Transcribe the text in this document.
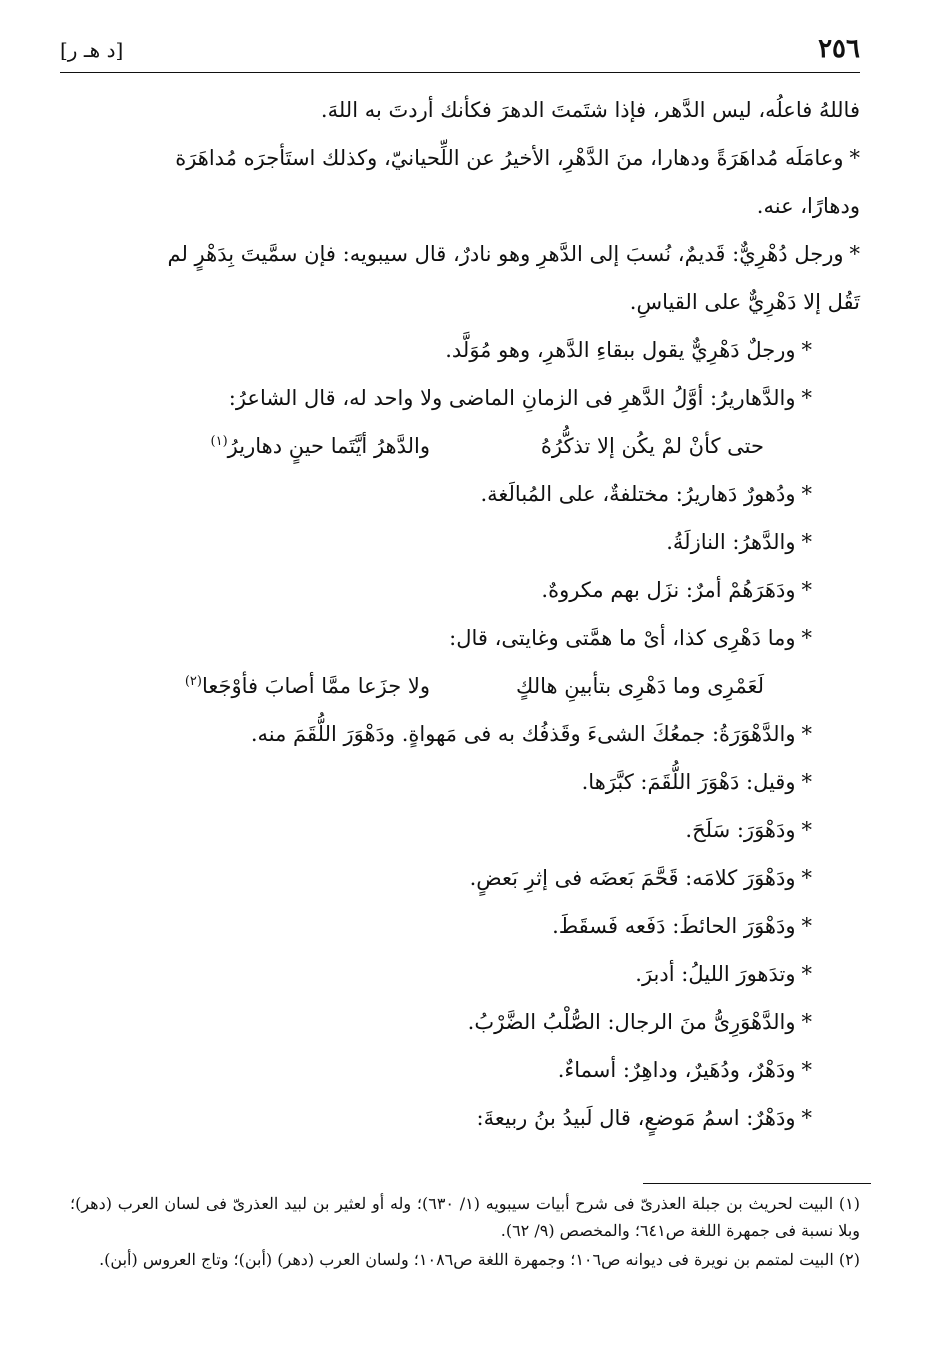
٢٥٦
[د هـ ر]

فاللهُ فاعلُه، ليس الدَّهر، فإذا شتَمتَ الدهرَ فكأنك أردتَ به اللهَ.

*وعامَلَه مُداهَرَةً ودهارا، منَ الدَّهْرِ، الأخيرُ عن اللِّحيانيّ، وكذلك استَأجرَه مُداهَرَة

ودهارًا، عنه.

*ورجل دُهْرِيٌّ: قَديمٌ، نُسبَ إلى الدَّهرِ وهو نادرٌ، قال سيبويه: فإن سمَّيتَ بِدَهْرٍ لم

تَقُل إلا دَهْرِيٌّ على القياسِ.

*ورجلٌ دَهْرِيٌّ يقول ببقاءِ الدَّهرِ، وهو مُوَلَّد.

*والدَّهاريرُ: أوَّلُ الدَّهرِ فى الزمانِ الماضى ولا واحد له، قال الشاعرُ:

حتى كأنْ لمْ يكُن إلا تذكُّرُهُ
والدَّهرُ أيَّتَما حينٍ دهاريرُ$^{(١)}$

*ودُهورٌ دَهاريرُ: مختلفةٌ، على المُبالَغة.

*والدَّهرُ: النازلَةُ.

*ودَهَرَهُمْ أمرٌ: نزَل بهم مكروهٌ.

*وما دَهْرِى كذا، أىْ ما همَّتى وغايتى، قال:

لَعَمْرِى وما دَهْرِى بتأبينِ هالكٍ
ولا جزَعا ممَّا أصابَ فأوْجَعا$^{(٢)}$

*والدَّهْوَرَةُ: جمعُكَ الشىءَ وقَذفُك به فى مَهواةٍ. ودَهْوَرَ اللُّقَمَ منه.

*وقيل: دَهْوَرَ اللُّقَمَ: كبَّرَها.

*ودَهْوَرَ: سَلَحَ.

*ودَهْوَرَ كلامَه: قَحَّمَ بَعضَه فى إثرِ بَعضٍ.

*ودَهْوَرَ الحائطَ: دَفَعه فَسقَطَ.

*وتدَهورَ الليلُ: أدبرَ.

*والدَّهْوَرِىُّ منَ الرجال: الصُّلْبُ الضَّرْبُ.

*ودَهْرٌ، ودُهَيرٌ، وداهِرٌ: أسماءٌ.

*ودَهْرٌ: اسمُ مَوضعٍ، قال لَبيدُ بنُ ربيعةَ:

(١) البيت لحريث بن جبلة العذرىّ فى شرح أبيات سيبويه (١/ ٦٣٠)؛ وله أو لعثير بن لبيد العذرىّ فى لسان العرب (دهر)؛ وبلا نسبة فى جمهرة اللغة ص٦٤١؛ والمخصص (٩/ ٦٢).

(٢) البيت لمتمم بن نويرة فى ديوانه ص١٠٦؛ وجمهرة اللغة ص١٠٨٦؛ ولسان العرب (دهر) (أبن)؛ وتاج العروس (أبن).
